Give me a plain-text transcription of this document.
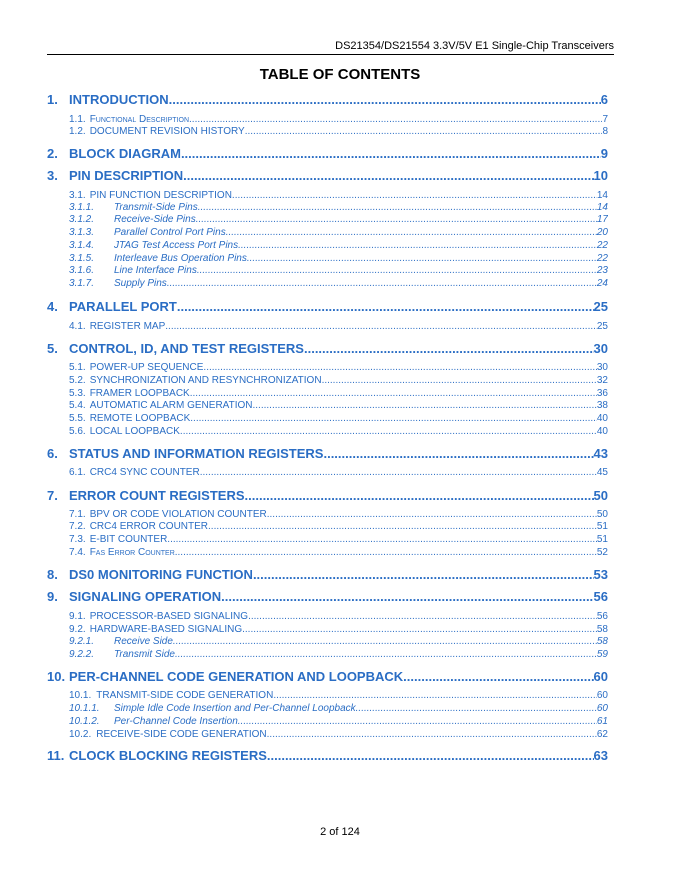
DS21354/DS21554 3.3V/5V E1 Single-Chip Transceivers
TABLE OF CONTENTS
1. INTRODUCTION .....	6
1.1. Functional Description .....	7
1.2. DOCUMENT REVISION HISTORY .....	8
2. BLOCK DIAGRAM .....	9
3. PIN DESCRIPTION .....	10
3.1. PIN FUNCTION DESCRIPTION .....	14
3.1.1.	Transmit-Side Pins .....	14
3.1.2.	Receive-Side Pins .....	17
3.1.3.	Parallel Control Port Pins .....	20
3.1.4.	JTAG Test Access Port Pins .....	22
3.1.5.	Interleave Bus Operation Pins .....	22
3.1.6.	Line Interface Pins .....	23
3.1.7.	Supply Pins .....	24
4. PARALLEL PORT .....	25
4.1. REGISTER MAP .....	25
5. CONTROL, ID, AND TEST REGISTERS .....	30
5.1. POWER-UP SEQUENCE .....	30
5.2. SYNCHRONIZATION AND RESYNCHRONIZATION .....	32
5.3. FRAMER LOOPBACK .....	36
5.4. AUTOMATIC ALARM GENERATION .....	38
5.5. REMOTE LOOPBACK .....	40
5.6. LOCAL LOOPBACK .....	40
6. STATUS AND INFORMATION REGISTERS .....	43
6.1. CRC4 SYNC COUNTER .....	45
7. ERROR COUNT REGISTERS .....	50
7.1. BPV OR CODE VIOLATION COUNTER .....	50
7.2. CRC4 ERROR COUNTER .....	51
7.3. E-BIT COUNTER .....	51
7.4. Fas Error Counter .....	52
8. DS0 MONITORING FUNCTION .....	53
9. SIGNALING OPERATION .....	56
9.1. PROCESSOR-BASED SIGNALING .....	56
9.2. HARDWARE-BASED SIGNALING .....	58
9.2.1.	Receive Side .....	58
9.2.2.	Transmit Side .....	59
10. PER-CHANNEL CODE GENERATION AND LOOPBACK .....	60
10.1. TRANSMIT-SIDE CODE GENERATION .....	60
10.1.1.	Simple Idle Code Insertion and Per-Channel Loopback .....	60
10.1.2.	Per-Channel Code Insertion .....	61
10.2. RECEIVE-SIDE CODE GENERATION .....	62
11. CLOCK BLOCKING REGISTERS .....	63
2 of 124
